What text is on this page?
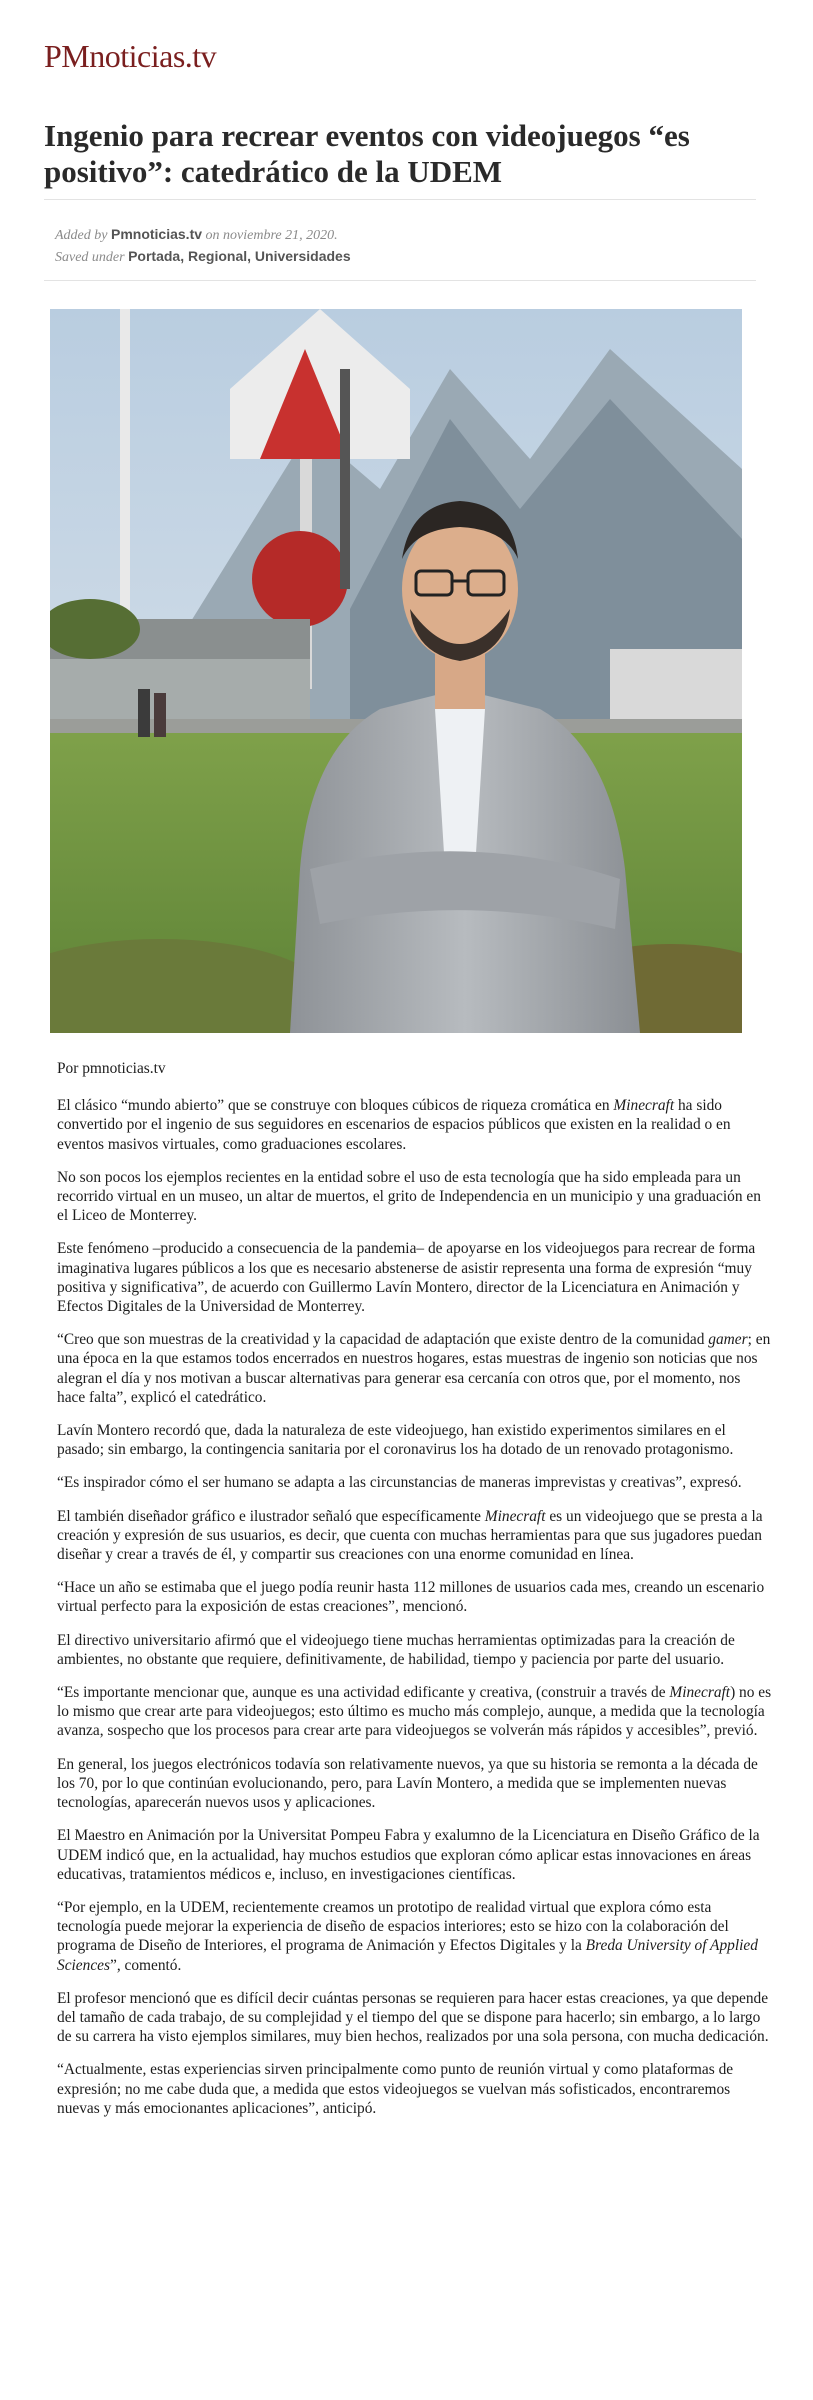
PMnoticias.tv
Ingenio para recrear eventos con videojuegos “es positivo”: catedrático de la UDEM
Added by Pmnoticias.tv on noviembre 21, 2020.
Saved under Portada, Regional, Universidades

Por pmnoticias.tv

El clásico “mundo abierto” que se construye con bloques cúbicos de riqueza cromática en Minecraft ha sido convertido por el ingenio de sus seguidores en escenarios de espacios públicos que existen en la realidad o en eventos masivos virtuales, como graduaciones escolares.

No son pocos los ejemplos recientes en la entidad sobre el uso de esta tecnología que ha sido empleada para un recorrido virtual en un museo, un altar de muertos, el grito de Independencia en un municipio y una graduación en el Liceo de Monterrey.

Este fenómeno –producido a consecuencia de la pandemia– de apoyarse en los videojuegos para recrear de forma imaginativa lugares públicos a los que es necesario abstenerse de asistir representa una forma de expresión “muy positiva y significativa”, de acuerdo con Guillermo Lavín Montero, director de la Licenciatura en Animación y Efectos Digitales de la Universidad de Monterrey.

“Creo que son muestras de la creatividad y la capacidad de adaptación que existe dentro de la comunidad gamer; en una época en la que estamos todos encerrados en nuestros hogares, estas muestras de ingenio son noticias que nos alegran el día y nos motivan a buscar alternativas para generar esa cercanía con otros que, por el momento, nos hace falta”, explicó el catedrático.

Lavín Montero recordó que, dada la naturaleza de este videojuego, han existido experimentos similares en el pasado; sin embargo, la contingencia sanitaria por el coronavirus los ha dotado de un renovado protagonismo.

“Es inspirador cómo el ser humano se adapta a las circunstancias de maneras imprevistas y creativas”, expresó.

El también diseñador gráfico e ilustrador señaló que específicamente Minecraft es un videojuego que se presta a la creación y expresión de sus usuarios, es decir, que cuenta con muchas herramientas para que sus jugadores puedan diseñar y crear a través de él, y compartir sus creaciones con una enorme comunidad en línea.

“Hace un año se estimaba que el juego podía reunir hasta 112 millones de usuarios cada mes, creando un escenario virtual perfecto para la exposición de estas creaciones”, mencionó.

El directivo universitario afirmó que el videojuego tiene muchas herramientas optimizadas para la creación de ambientes, no obstante que requiere, definitivamente, de habilidad, tiempo y paciencia por parte del usuario.

“Es importante mencionar que, aunque es una actividad edificante y creativa, (construir a través de Minecraft) no es lo mismo que crear arte para videojuegos; esto último es mucho más complejo, aunque, a medida que la tecnología avanza, sospecho que los procesos para crear arte para videojuegos se volverán más rápidos y accesibles”, previó.

En general, los juegos electrónicos todavía son relativamente nuevos, ya que su historia se remonta a la década de los 70, por lo que continúan evolucionando, pero, para Lavín Montero, a medida que se implementen nuevas tecnologías, aparecerán nuevos usos y aplicaciones.

El Maestro en Animación por la Universitat Pompeu Fabra y exalumno de la Licenciatura en Diseño Gráfico de la UDEM indicó que, en la actualidad, hay muchos estudios que exploran cómo aplicar estas innovaciones en áreas educativas, tratamientos médicos e, incluso, en investigaciones científicas.

“Por ejemplo, en la UDEM, recientemente creamos un prototipo de realidad virtual que explora cómo esta tecnología puede mejorar la experiencia de diseño de espacios interiores; esto se hizo con la colaboración del programa de Diseño de Interiores, el programa de Animación y Efectos Digitales y la Breda University of Applied Sciences”, comentó.

El profesor mencionó que es difícil decir cuántas personas se requieren para hacer estas creaciones, ya que depende del tamaño de cada trabajo, de su complejidad y el tiempo del que se dispone para hacerlo; sin embargo, a lo largo de su carrera ha visto ejemplos similares, muy bien hechos, realizados por una sola persona, con mucha dedicación.

“Actualmente, estas experiencias sirven principalmente como punto de reunión virtual y como plataformas de expresión; no me cabe duda que, a medida que estos videojuegos se vuelvan más sofisticados, encontraremos nuevas y más emocionantes aplicaciones”, anticipó.
